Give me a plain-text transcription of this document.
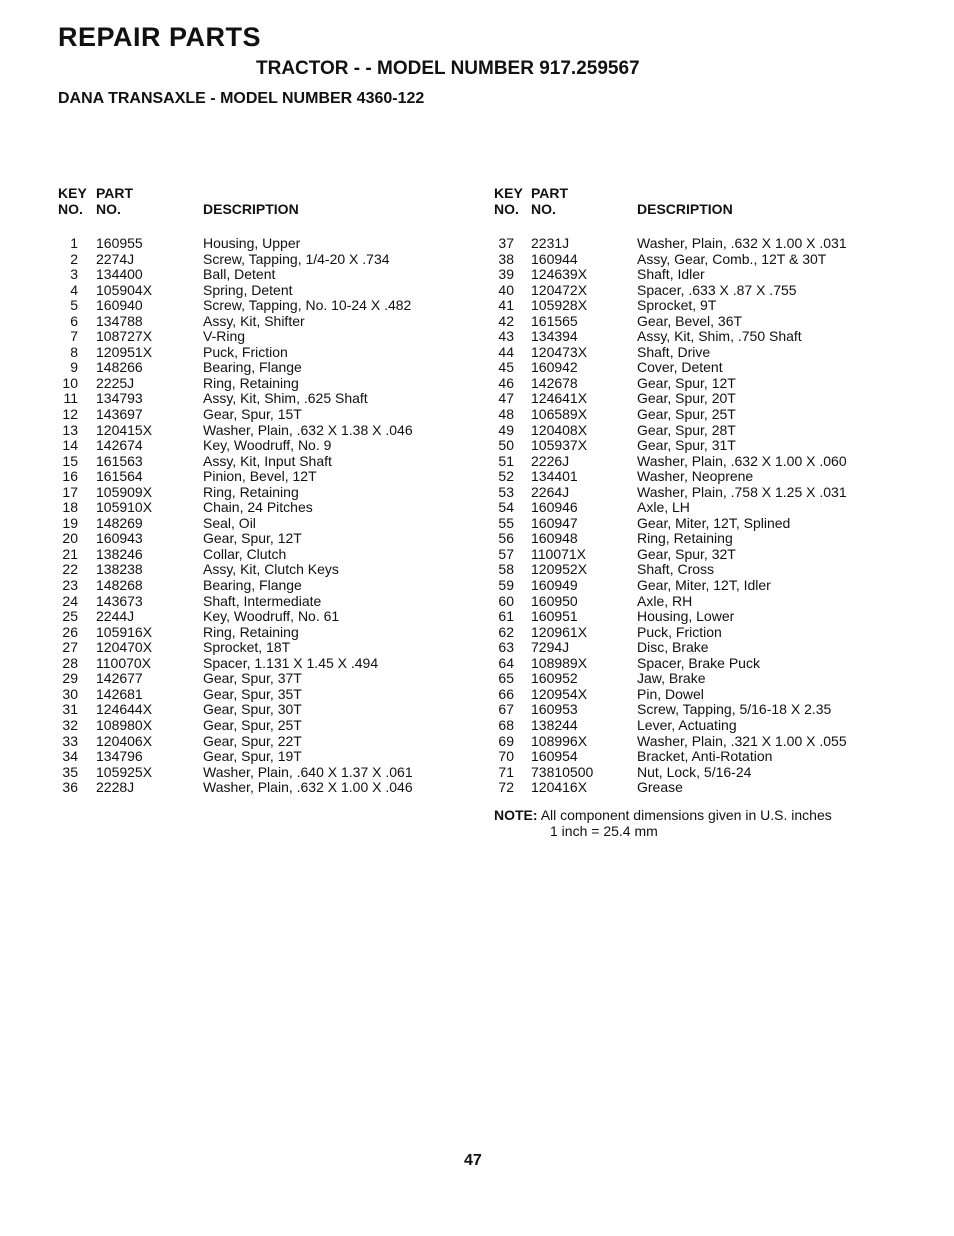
REPAIR PARTS
TRACTOR - - MODEL NUMBER 917.259567
DANA TRANSAXLE - MODEL NUMBER 4360-122
KEY
NO.
PART
NO.	DESCRIPTION
1 160955	Housing, Upper
2 2274J	Screw, Tapping, 1/4-20 X .734
3 134400	Ball, Detent
4 105904X	Spring, Detent
5 160940	Screw, Tapping, No. 10-24 X .482
6 134788	Assy, Kit, Shifter
7 108727X	V-Ring
8 120951X	Puck, Friction
9 148266	Bearing, Flange
10 2225J	Ring, Retaining
11 134793	Assy, Kit, Shim, .625 Shaft
12 143697	Gear, Spur, 15T
13 120415X	Washer, Plain, .632 X 1.38 X .046
14 142674	Key, Woodruff, No. 9
15 161563	Assy, Kit, Input Shaft
16 161564	Pinion, Bevel, 12T
17 105909X	Ring, Retaining
18 105910X	Chain, 24 Pitches
19 148269	Seal, Oil
20 160943	Gear, Spur, 12T
21 138246	Collar, Clutch
22 138238	Assy, Kit, Clutch Keys
23 148268	Bearing, Flange
24 143673	Shaft, Intermediate
25 2244J	Key, Woodruff, No. 61
26 105916X	Ring, Retaining
27 120470X	Sprocket, 18T
28 110070X	Spacer, 1.131 X 1.45 X .494
29 142677	Gear, Spur, 37T
30 142681	Gear, Spur, 35T
31 124644X	Gear, Spur, 30T
32 108980X	Gear, Spur, 25T
33 120406X	Gear, Spur, 22T
34 134796	Gear, Spur, 19T
35 105925X	Washer, Plain, .640 X 1.37 X .061
36 2228J	Washer, Plain, .632 X 1.00 X .046
KEY
NO.
PART
NO.	DESCRIPTION
37 2231J	Washer, Plain, .632 X 1.00 X .031
38 160944	Assy, Gear, Comb., 12T & 30T
39 124639X	Shaft, Idler
40 120472X	Spacer, .633 X .87 X .755
41 105928X	Sprocket, 9T
42 161565	Gear, Bevel, 36T
43 134394	Assy, Kit, Shim, .750 Shaft
44 120473X	Shaft, Drive
45 160942	Cover, Detent
46 142678	Gear, Spur, 12T
47 124641X	Gear, Spur, 20T
48 106589X	Gear, Spur, 25T
49 120408X	Gear, Spur, 28T
50 105937X	Gear, Spur, 31T
51 2226J	Washer, Plain, .632 X 1.00 X .060
52 134401	Washer, Neoprene
53 2264J	Washer, Plain, .758 X 1.25 X .031
54 160946	Axle, LH
55 160947	Gear, Miter, 12T, Splined
56 160948	Ring, Retaining
57 110071X	Gear, Spur, 32T
58 120952X	Shaft, Cross
59 160949	Gear, Miter, 12T, Idler
60 160950	Axle, RH
61 160951	Housing, Lower
62 120961X	Puck, Friction
63 7294J	Disc, Brake
64 108989X	Spacer, Brake Puck
65 160952	Jaw, Brake
66 120954X	Pin, Dowel
67 160953	Screw, Tapping, 5/16-18 X 2.35
68 138244	Lever, Actuating
69 108996X	Washer, Plain, .321 X 1.00 X .055
70 160954	Bracket, Anti-Rotation
71 73810500	Nut, Lock, 5/16-24
72 120416X	Grease
NOTE: All component dimensions given in U.S. inches
1 inch = 25.4 mm
47
